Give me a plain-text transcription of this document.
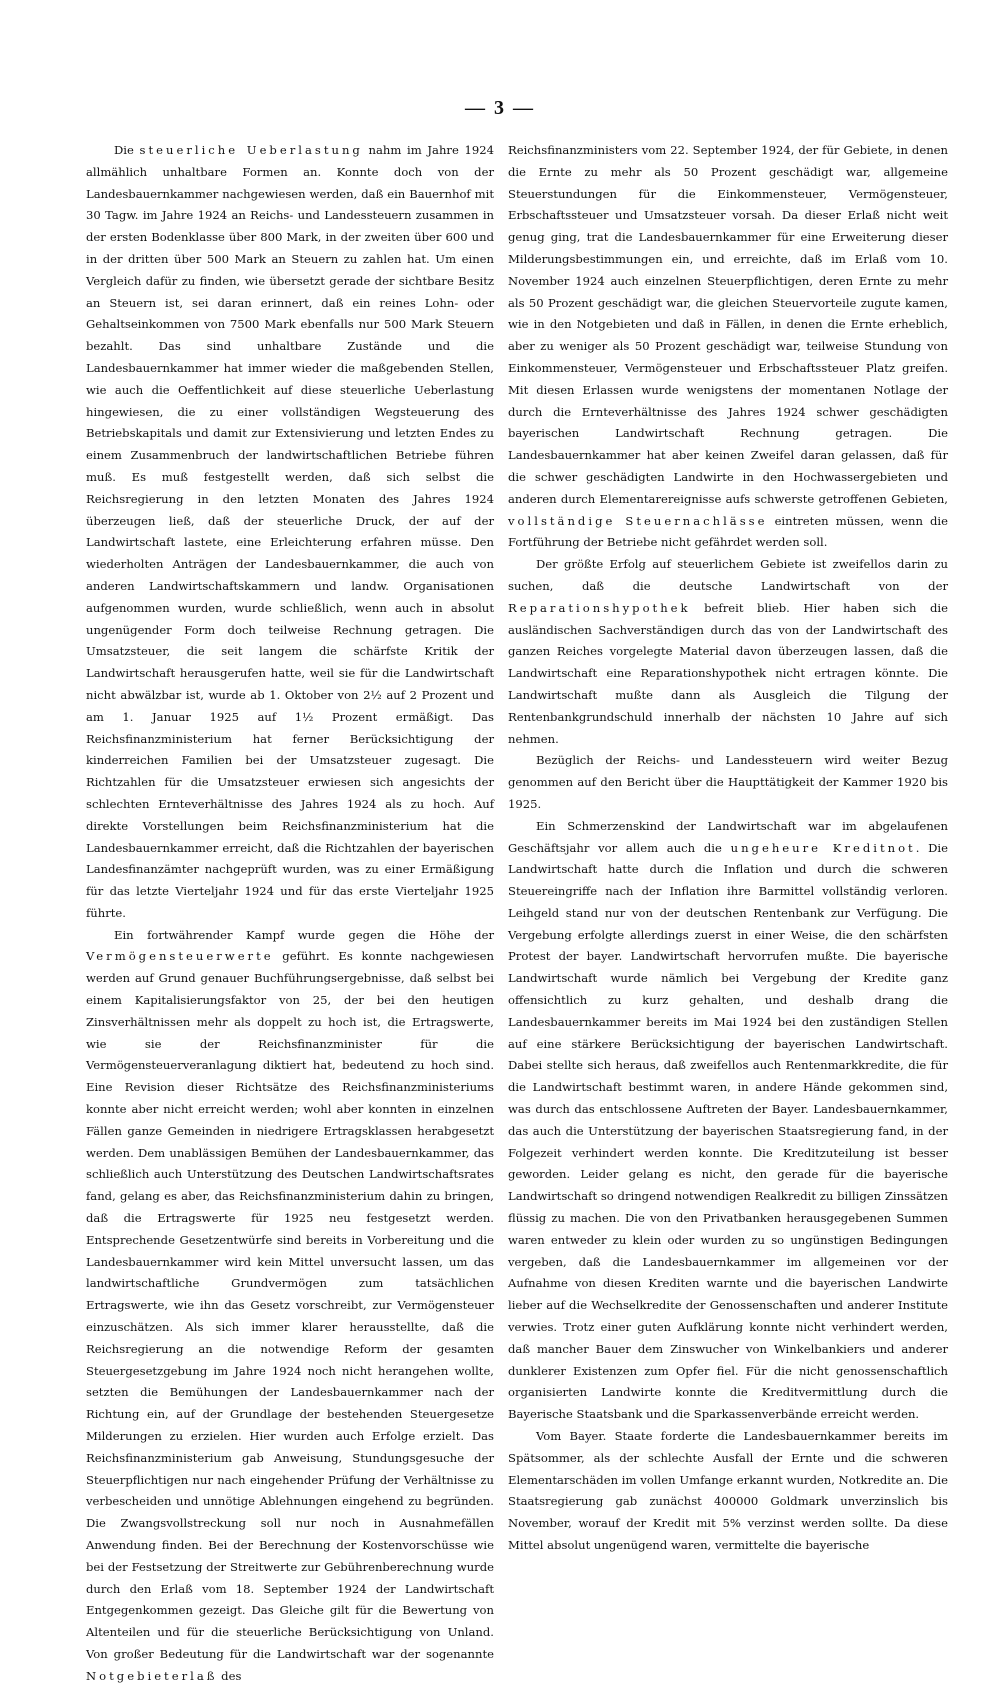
— 3 —

Die steuerliche Ueberlastung nahm im Jahre 1924 allmählich unhaltbare Formen an. Konnte doch von der Landesbauernkammer nachgewiesen werden, daß ein Bauernhof mit 30 Tagw. im Jahre 1924 an Reichs- und Landessteuern zusammen in der ersten Bodenklasse über 800 Mark, in der zweiten über 600 und in der dritten über 500 Mark an Steuern zu zahlen hat. Um einen Vergleich dafür zu finden, wie übersetzt gerade der sichtbare Besitz an Steuern ist, sei daran erinnert, daß ein reines Lohn- oder Gehaltseinkommen von 7500 Mark ebenfalls nur 500 Mark Steuern bezahlt. Das sind unhaltbare Zustände und die Landesbauernkammer hat immer wieder die maßgebenden Stellen, wie auch die Oeffentlichkeit auf diese steuerliche Ueberlastung hingewiesen, die zu einer vollständigen Wegsteuerung des Betriebskapitals und damit zur Extensivierung und letzten Endes zu einem Zusammenbruch der landwirtschaftlichen Betriebe führen muß. Es muß festgestellt werden, daß sich selbst die Reichsregierung in den letzten Monaten des Jahres 1924 überzeugen ließ, daß der steuerliche Druck, der auf der Landwirtschaft lastete, eine Erleichterung erfahren müsse. Den wiederholten Anträgen der Landesbauernkammer, die auch von anderen Landwirtschaftskammern und landw. Organisationen aufgenommen wurden, wurde schließlich, wenn auch in absolut ungenügender Form doch teilweise Rechnung getragen. Die Umsatzsteuer, die seit langem die schärfste Kritik der Landwirtschaft herausgerufen hatte, weil sie für die Landwirtschaft nicht abwälzbar ist, wurde ab 1. Oktober von 2½ auf 2 Prozent und am 1. Januar 1925 auf 1½ Prozent ermäßigt. Das Reichsfinanzministerium hat ferner Berücksichtigung der kinderreichen Familien bei der Umsatzsteuer zugesagt. Die Richtzahlen für die Umsatzsteuer erwiesen sich angesichts der schlechten Ernteverhältnisse des Jahres 1924 als zu hoch. Auf direkte Vorstellungen beim Reichsfinanzministerium hat die Landesbauernkammer erreicht, daß die Richtzahlen der bayerischen Landesfinanzämter nachgeprüft wurden, was zu einer Ermäßigung für das letzte Vierteljahr 1924 und für das erste Vierteljahr 1925 führte.

Ein fortwährender Kampf wurde gegen die Höhe der Vermögensteuerwerte geführt. Es konnte nachgewiesen werden auf Grund genauer Buchführungsergebnisse, daß selbst bei einem Kapitalisierungsfaktor von 25, der bei den heutigen Zinsverhältnissen mehr als doppelt zu hoch ist, die Ertragswerte, wie sie der Reichsfinanzminister für die Vermögensteuerveranlagung diktiert hat, bedeutend zu hoch sind. Eine Revision dieser Richtsätze des Reichsfinanzministeriums konnte aber nicht erreicht werden; wohl aber konnten in einzelnen Fällen ganze Gemeinden in niedrigere Ertragsklassen herabgesetzt werden. Dem unablässigen Bemühen der Landesbauernkammer, das schließlich auch Unterstützung des Deutschen Landwirtschaftsrates fand, gelang es aber, das Reichsfinanzministerium dahin zu bringen, daß die Ertragswerte für 1925 neu festgesetzt werden. Entsprechende Gesetzentwürfe sind bereits in Vorbereitung und die Landesbauernkammer wird kein Mittel unversucht lassen, um das landwirtschaftliche Grundvermögen zum tatsächlichen Ertragswerte, wie ihn das Gesetz vorschreibt, zur Vermögensteuer einzuschätzen. Als sich immer klarer herausstellte, daß die Reichsregierung an die notwendige Reform der gesamten Steuergesetzgebung im Jahre 1924 noch nicht herangehen wollte, setzten die Bemühungen der Landesbauernkammer nach der Richtung ein, auf der Grundlage der bestehenden Steuergesetze Milderungen zu erzielen. Hier wurden auch Erfolge erzielt. Das Reichsfinanzministerium gab Anweisung, Stundungsgesuche der Steuerpflichtigen nur nach eingehender Prüfung der Verhältnisse zu verbescheiden und unnötige Ablehnungen eingehend zu begründen. Die Zwangsvollstreckung soll nur noch in Ausnahmefällen Anwendung finden. Bei der Berechnung der Kostenvorschüsse wie bei der Festsetzung der Streitwerte zur Gebührenberechnung wurde durch den Erlaß vom 18. September 1924 der Landwirtschaft Entgegenkommen gezeigt. Das Gleiche gilt für die Bewertung von Altenteilen und für die steuerliche Berücksichtigung von Unland. Von großer Bedeutung für die Landwirtschaft war der sogenannte Notgebieterlaß des

Reichsfinanzministers vom 22. September 1924, der für Gebiete, in denen die Ernte zu mehr als 50 Prozent geschädigt war, allgemeine Steuerstundungen für die Einkommensteuer, Vermögensteuer, Erbschaftssteuer und Umsatzsteuer vorsah. Da dieser Erlaß nicht weit genug ging, trat die Landesbauernkammer für eine Erweiterung dieser Milderungsbestimmungen ein, und erreichte, daß im Erlaß vom 10. November 1924 auch einzelnen Steuerpflichtigen, deren Ernte zu mehr als 50 Prozent geschädigt war, die gleichen Steuervorteile zugute kamen, wie in den Notgebieten und daß in Fällen, in denen die Ernte erheblich, aber zu weniger als 50 Prozent geschädigt war, teilweise Stundung von Einkommensteuer, Vermögensteuer und Erbschaftssteuer Platz greifen. Mit diesen Erlassen wurde wenigstens der momentanen Notlage der durch die Ernteverhältnisse des Jahres 1924 schwer geschädigten bayerischen Landwirtschaft Rechnung getragen. Die Landesbauernkammer hat aber keinen Zweifel daran gelassen, daß für die schwer geschädigten Landwirte in den Hochwassergebieten und anderen durch Elementarereignisse aufs schwerste getroffenen Gebieten, vollständige Steuernachlässe eintreten müssen, wenn die Fortführung der Betriebe nicht gefährdet werden soll.

Der größte Erfolg auf steuerlichem Gebiete ist zweifellos darin zu suchen, daß die deutsche Landwirtschaft von der Reparationshypothek befreit blieb. Hier haben sich die ausländischen Sachverständigen durch das von der Landwirtschaft des ganzen Reiches vorgelegte Material davon überzeugen lassen, daß die Landwirtschaft eine Reparationshypothek nicht ertragen könnte. Die Landwirtschaft mußte dann als Ausgleich die Tilgung der Rentenbankgrundschuld innerhalb der nächsten 10 Jahre auf sich nehmen.

Bezüglich der Reichs- und Landessteuern wird weiter Bezug genommen auf den Bericht über die Haupttätigkeit der Kammer 1920 bis 1925.

Ein Schmerzenskind der Landwirtschaft war im abgelaufenen Geschäftsjahr vor allem auch die ungeheure Kreditnot. Die Landwirtschaft hatte durch die Inflation und durch die schweren Steuereingriffe nach der Inflation ihre Barmittel vollständig verloren. Leihgeld stand nur von der deutschen Rentenbank zur Verfügung. Die Vergebung erfolgte allerdings zuerst in einer Weise, die den schärfsten Protest der bayer. Landwirtschaft hervorrufen mußte. Die bayerische Landwirtschaft wurde nämlich bei Vergebung der Kredite ganz offensichtlich zu kurz gehalten, und deshalb drang die Landesbauernkammer bereits im Mai 1924 bei den zuständigen Stellen auf eine stärkere Berücksichtigung der bayerischen Landwirtschaft. Dabei stellte sich heraus, daß zweifellos auch Rentenmarkkredite, die für die Landwirtschaft bestimmt waren, in andere Hände gekommen sind, was durch das entschlossene Auftreten der Bayer. Landesbauernkammer, das auch die Unterstützung der bayerischen Staatsregierung fand, in der Folgezeit verhindert werden konnte. Die Kreditzuteilung ist besser geworden. Leider gelang es nicht, den gerade für die bayerische Landwirtschaft so dringend notwendigen Realkredit zu billigen Zinssätzen flüssig zu machen. Die von den Privatbanken herausgegebenen Summen waren entweder zu klein oder wurden zu so ungünstigen Bedingungen vergeben, daß die Landesbauernkammer im allgemeinen vor der Aufnahme von diesen Krediten warnte und die bayerischen Landwirte lieber auf die Wechselkredite der Genossenschaften und anderer Institute verwies. Trotz einer guten Aufklärung konnte nicht verhindert werden, daß mancher Bauer dem Zinswucher von Winkelbankiers und anderer dunklerer Existenzen zum Opfer fiel. Für die nicht genossenschaftlich organisierten Landwirte konnte die Kreditvermittlung durch die Bayerische Staatsbank und die Sparkassenverbände erreicht werden.

Vom Bayer. Staate forderte die Landesbauernkammer bereits im Spätsommer, als der schlechte Ausfall der Ernte und die schweren Elementarschäden im vollen Umfange erkannt wurden, Notkredite an. Die Staatsregierung gab zunächst 400000 Goldmark unverzinslich bis November, worauf der Kredit mit 5% verzinst werden sollte. Da diese Mittel absolut ungenügend waren, vermittelte die bayerische
